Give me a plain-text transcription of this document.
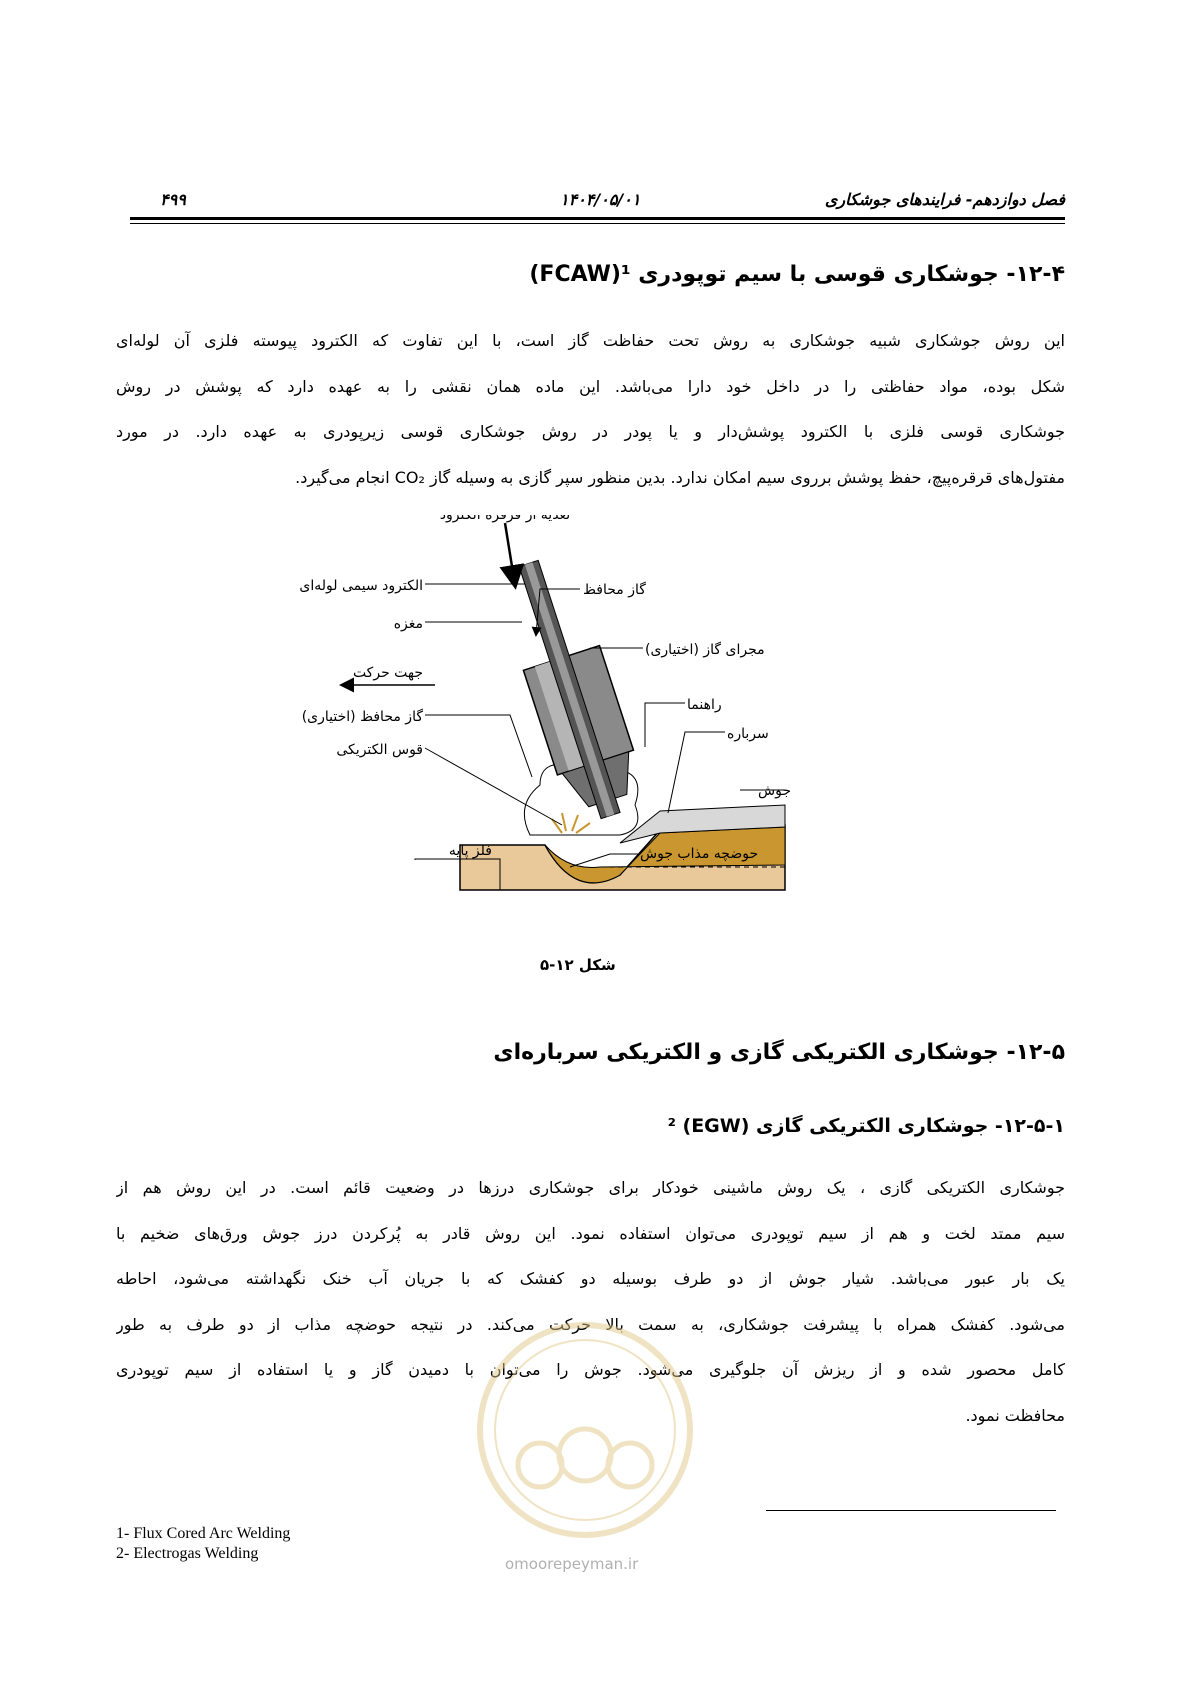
فصل دوازدهم- فرایندهای جوشکاری
۱۴۰۴/۰۵/۰۱
۴۹۹
۱۲-۴- جوشکاری قوسی با سیم توپودری ¹(FCAW)
این روش جوشکاری شبیه جوشکاری به روش تحت حفاظت گاز است، با این تفاوت که الکترود پیوسته فلزی آن لوله‌ای
شکل بوده، مواد حفاظتی را در داخل خود دارا می‌باشد. این ماده همان نقشی را به عهده دارد که پوشش در روش
جوشکاری قوسی فلزی با الکترود پوشش‌دار و یا پودر در روش جوشکاری قوسی زیرپودری به عهده دارد. در مورد
مفتول‌های قرقره‌پیچ، حفظ پوشش برروی سیم امکان ندارد. بدین منظور سپر گازی به وسیله گاز CO₂ انجام می‌گیرد.
تغذیه از قرقره الکترود
الکترود سیمی لوله‌ای
مغزه
گاز محافظ
مجرای گاز (اختیاری)
جهت حرکت
راهنما
گاز محافظ (اختیاری)
سرباره
قوس الکتریکی
جوش
فلز پایه	حوضچه مذاب جوش
شکل ۱۲-۵
۱۲-۵- جوشکاری الکتریکی گازی و الکتریکی سرباره‌ای
۱۲-۵-۱- جوشکاری الکتریکی گازی (EGW) ²
جوشکاری الکتریکی گازی ، یک روش ماشینی خودکار برای جوشکاری درزها در وضعیت قائم است. در این روش هم از
سیم ممتد لخت و هم از سیم توپودری می‌توان استفاده نمود. این روش قادر به پُرکردن درز جوش ورق‌های ضخیم با
یک بار عبور می‌باشد. شیار جوش از دو طرف بوسیله دو کفشک که با جریان آب خنک نگهداشته می‌شود، احاطه
می‌شود. کفشک همراه با پیشرفت جوشکاری، به سمت بالا حرکت می‌کند. در نتیجه حوضچه مذاب از دو طرف به طور
کامل محصور شده و از ریزش آن جلوگیری می‌شود. جوش را می‌توان با دمیدن گاز و یا استفاده از سیم توپودری
محافظت نمود.
omoorepeyman.ir
1- Flux Cored Arc Welding
2- Electrogas Welding
